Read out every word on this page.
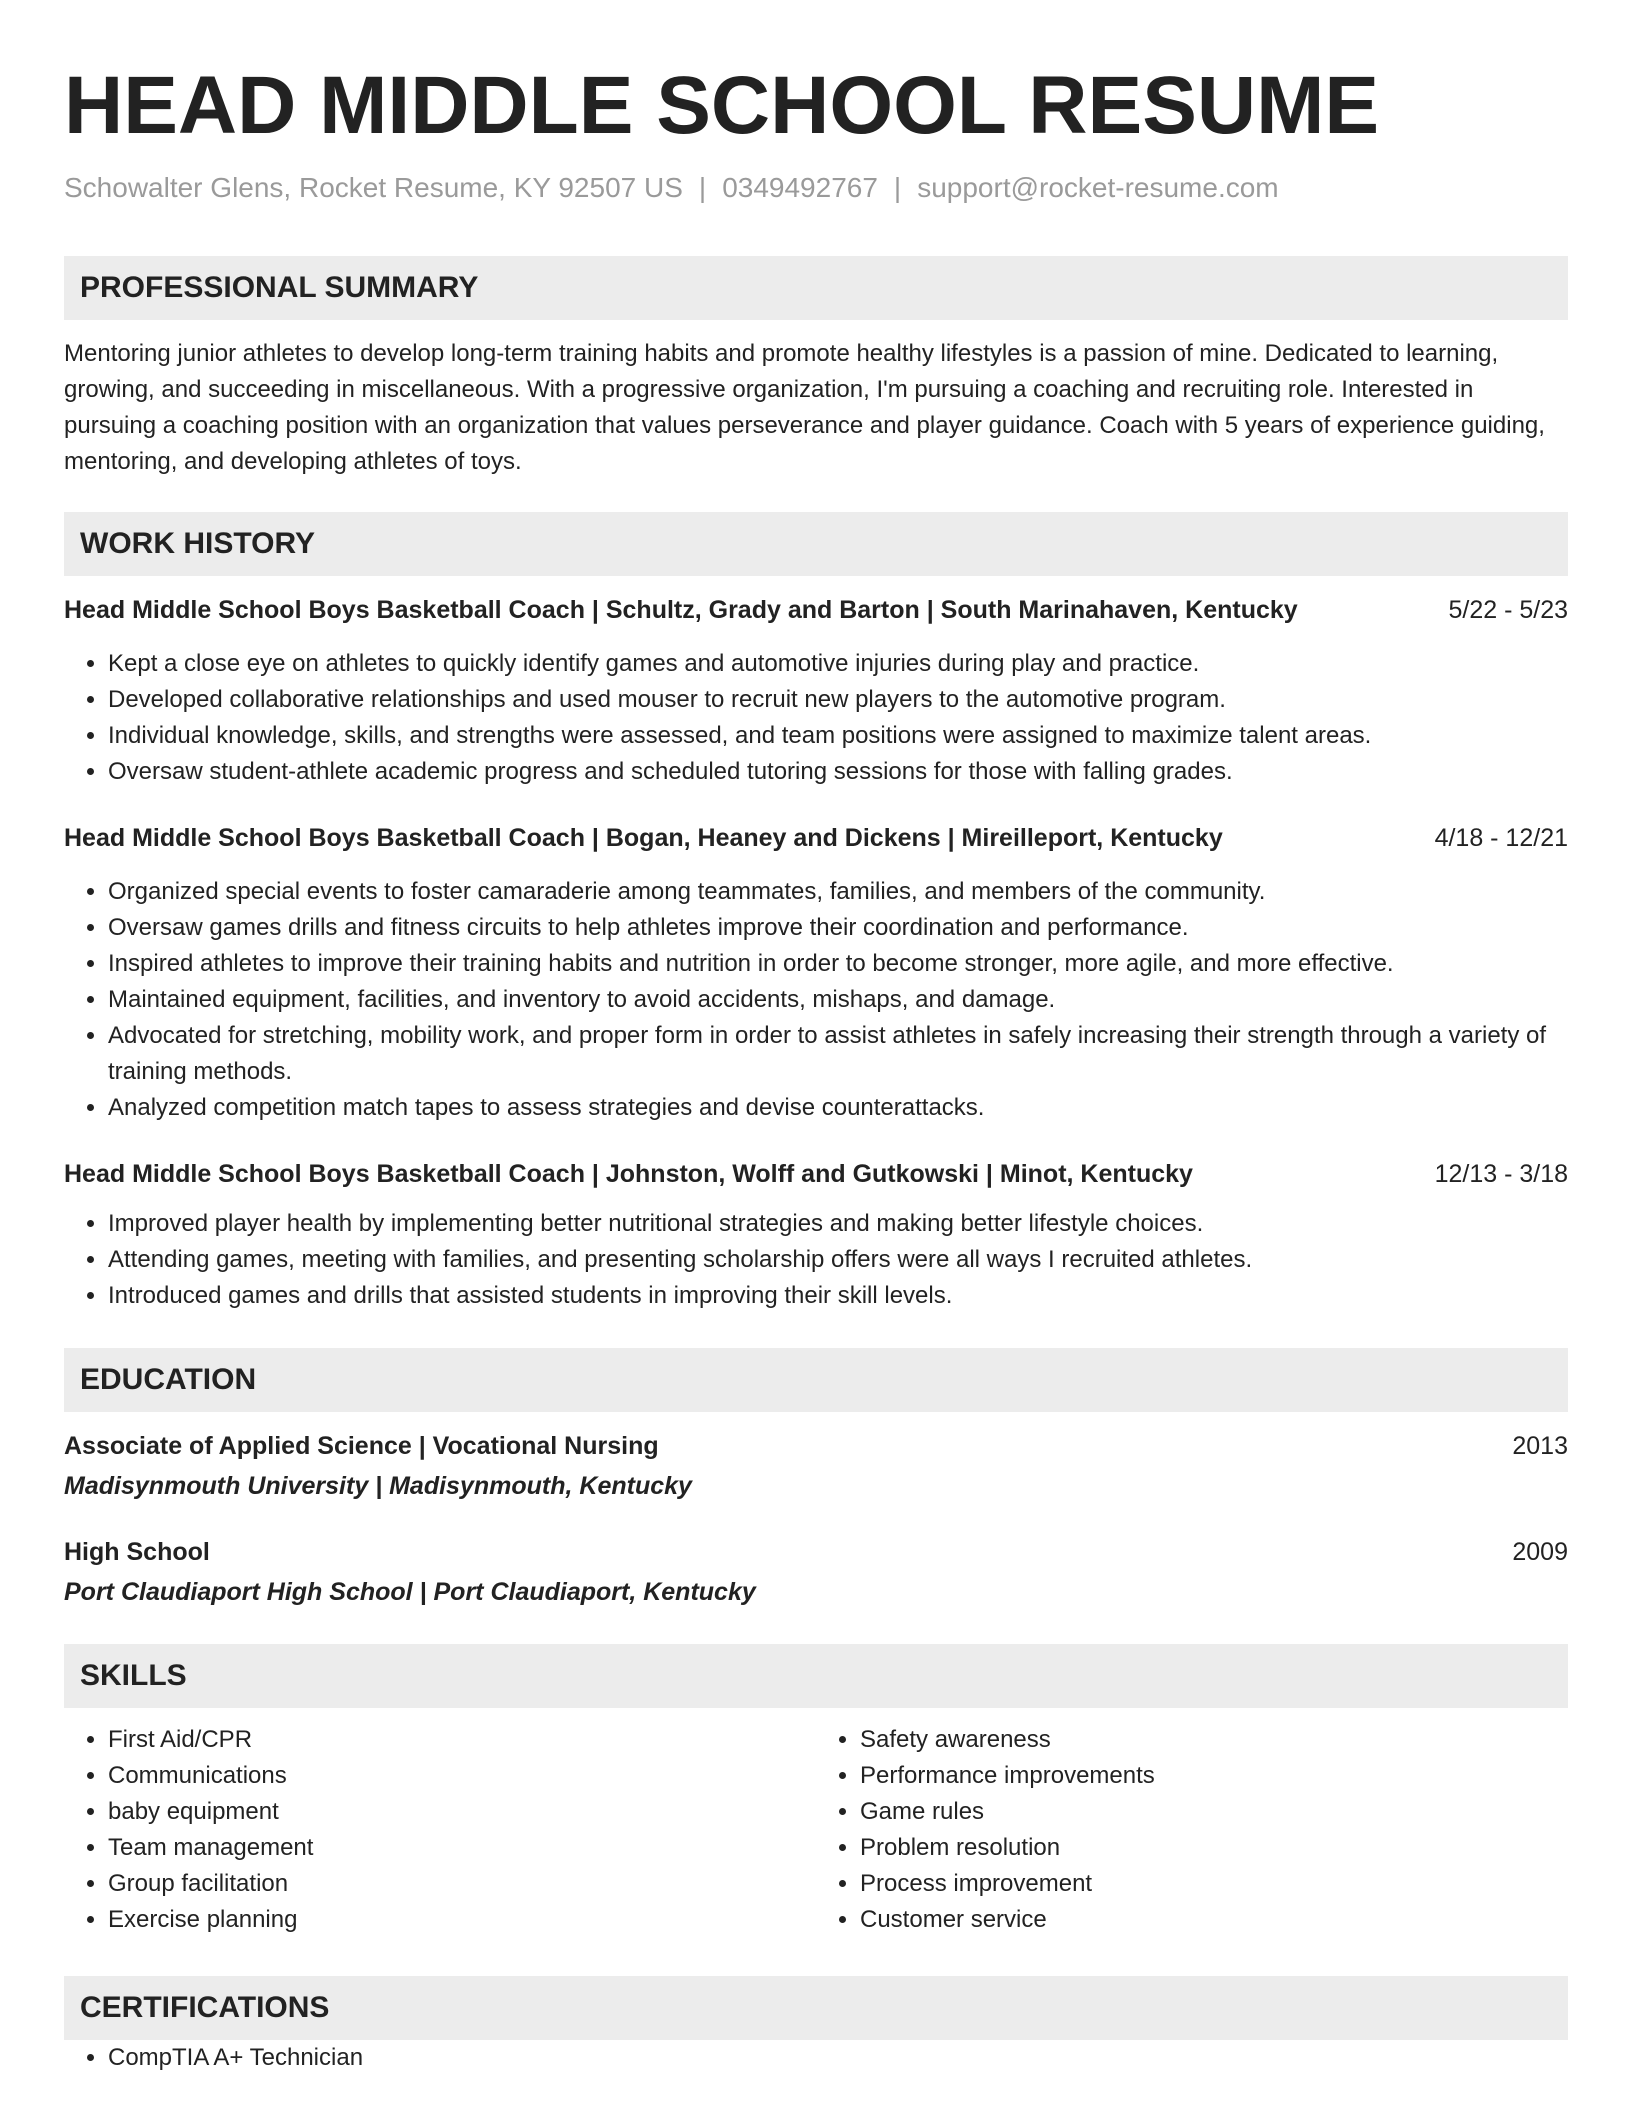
HEAD MIDDLE SCHOOL RESUME
Schowalter Glens, Rocket Resume, KY 92507 US | 0349492767 | support@rocket-resume.com
PROFESSIONAL SUMMARY
Mentoring junior athletes to develop long-term training habits and promote healthy lifestyles is a passion of mine. Dedicated to learning, growing, and succeeding in miscellaneous. With a progressive organization, I'm pursuing a coaching and recruiting role. Interested in pursuing a coaching position with an organization that values perseverance and player guidance. Coach with 5 years of experience guiding, mentoring, and developing athletes of toys.
WORK HISTORY
Head Middle School Boys Basketball Coach | Schultz, Grady and Barton | South Marinahaven, Kentucky	5/22 - 5/23
• Kept a close eye on athletes to quickly identify games and automotive injuries during play and practice.
• Developed collaborative relationships and used mouser to recruit new players to the automotive program.
• Individual knowledge, skills, and strengths were assessed, and team positions were assigned to maximize talent areas.
• Oversaw student-athlete academic progress and scheduled tutoring sessions for those with falling grades.
Head Middle School Boys Basketball Coach | Bogan, Heaney and Dickens | Mireilleport, Kentucky	4/18 - 12/21
• Organized special events to foster camaraderie among teammates, families, and members of the community.
• Oversaw games drills and fitness circuits to help athletes improve their coordination and performance.
• Inspired athletes to improve their training habits and nutrition in order to become stronger, more agile, and more effective.
• Maintained equipment, facilities, and inventory to avoid accidents, mishaps, and damage.
• Advocated for stretching, mobility work, and proper form in order to assist athletes in safely increasing their strength through a variety of training methods.
• Analyzed competition match tapes to assess strategies and devise counterattacks.
Head Middle School Boys Basketball Coach | Johnston, Wolff and Gutkowski | Minot, Kentucky	12/13 - 3/18
• Improved player health by implementing better nutritional strategies and making better lifestyle choices.
• Attending games, meeting with families, and presenting scholarship offers were all ways I recruited athletes.
• Introduced games and drills that assisted students in improving their skill levels.
EDUCATION
Associate of Applied Science | Vocational Nursing	2013
Madisynmouth University | Madisynmouth, Kentucky
High School	2009
Port Claudiaport High School | Port Claudiaport, Kentucky
SKILLS
• First Aid/CPR
• Communications
• baby equipment
• Team management
• Group facilitation
• Exercise planning
• Safety awareness
• Performance improvements
• Game rules
• Problem resolution
• Process improvement
• Customer service
CERTIFICATIONS
• CompTIA A+ Technician
